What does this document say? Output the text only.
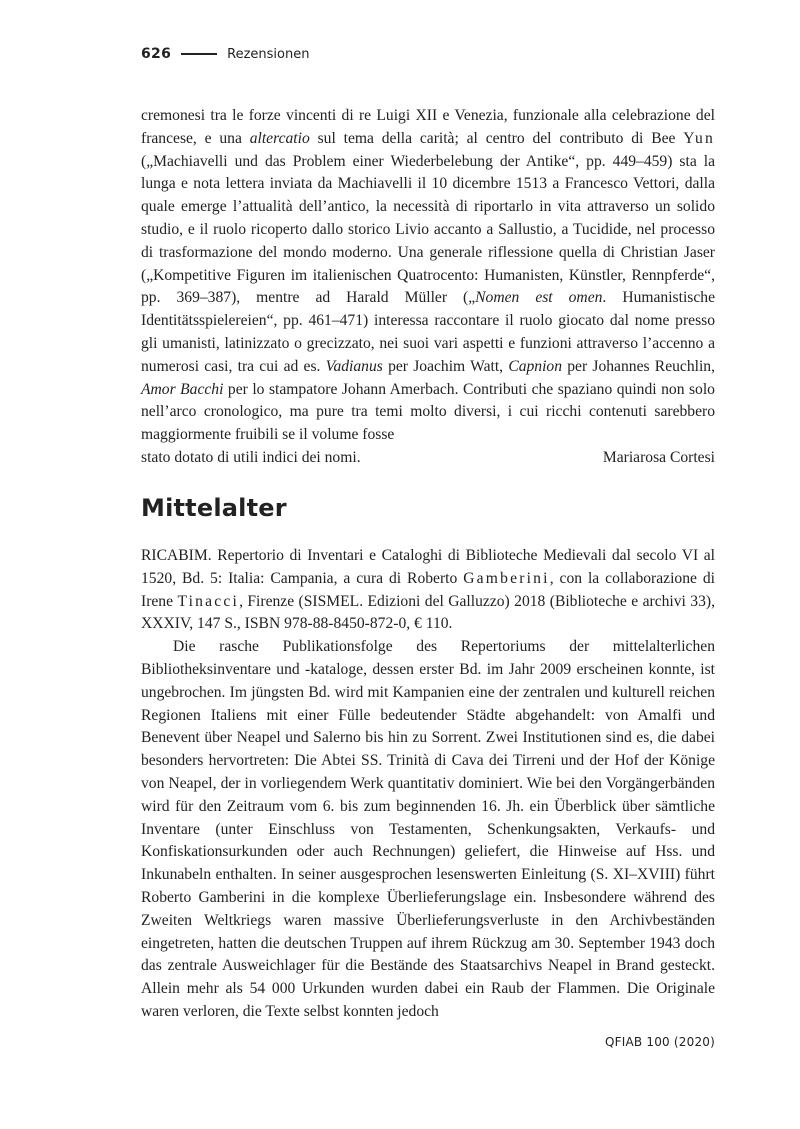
626	Rezensionen

cremonesi tra le forze vincenti di re Luigi XII e Venezia, funzionale alla celebrazione del francese, e una altercatio sul tema della carità; al centro del contributo di Bee Yun („Machiavelli und das Problem einer Wiederbelebung der Antike“, pp. 449–459) sta la lunga e nota lettera inviata da Machiavelli il 10 dicembre 1513 a Francesco Vettori, dalla quale emerge l’attualità dell’antico, la necessità di riportarlo in vita attraverso un solido studio, e il ruolo ricoperto dallo storico Livio accanto a Sallustio, a Tucidide, nel processo di trasformazione del mondo moderno. Una generale riflessione quella di Christian Jaser („Kompetitive Figuren im italienischen Quatrocento: Humanisten, Künstler, Rennpferde“, pp. 369–387), mentre ad Harald Müller („Nomen est omen. Humanistische Identitätsspielereien“, pp. 461–471) interessa raccontare il ruolo giocato dal nome presso gli umanisti, latinizzato o grecizzato, nei suoi vari aspetti e funzioni attraverso l’accenno a numerosi casi, tra cui ad es. Vadianus per Joachim Watt, Capnion per Johannes Reuchlin, Amor Bacchi per lo stampatore Johann Amerbach. Contributi che spaziano quindi non solo nell’arco cronologico, ma pure tra temi molto diversi, i cui ricchi contenuti sarebbero maggiormente fruibili se il volume fosse

stato dotato di utili indici dei nomi.	Mariarosa Cortesi
Mittelalter

RICABIM. Repertorio di Inventari e Cataloghi di Biblioteche Medievali dal secolo VI al 1520, Bd. 5: Italia: Campania, a cura di Roberto Gamberini, con la collaborazione di Irene Tinacci, Firenze (SISMEL. Edizioni del Galluzzo) 2018 (Biblioteche e archivi 33), XXXIV, 147 S., ISBN 978-88-8450-872-0, € 110.

Die rasche Publikationsfolge des Repertoriums der mittelalterlichen Bibliotheksinventare und -kataloge, dessen erster Bd. im Jahr 2009 erscheinen konnte, ist ungebrochen. Im jüngsten Bd. wird mit Kampanien eine der zentralen und kulturell reichen Regionen Italiens mit einer Fülle bedeutender Städte abgehandelt: von Amalfi und Benevent über Neapel und Salerno bis hin zu Sorrent. Zwei Institutionen sind es, die dabei besonders hervortreten: Die Abtei SS. Trinità di Cava dei Tirreni und der Hof der Könige von Neapel, der in vorliegendem Werk quantitativ dominiert. Wie bei den Vorgängerbänden wird für den Zeitraum vom 6. bis zum beginnenden 16. Jh. ein Überblick über sämtliche Inventare (unter Einschluss von Testamenten, Schenkungsakten, Verkaufs- und Konfiskationsurkunden oder auch Rechnungen) geliefert, die Hinweise auf Hss. und Inkunabeln enthalten. In seiner ausgesprochen lesenswerten Einleitung (S. XI–XVIII) führt Roberto Gamberini in die komplexe Überlieferungslage ein. Insbesondere während des Zweiten Weltkriegs waren massive Überlieferungsverluste in den Archivbeständen eingetreten, hatten die deutschen Truppen auf ihrem Rückzug am 30. September 1943 doch das zentrale Ausweichlager für die Bestände des Staatsarchivs Neapel in Brand gesteckt. Allein mehr als 54 000 Urkunden wurden dabei ein Raub der Flammen. Die Originale waren verloren, die Texte selbst konnten jedoch

QFIAB 100 (2020)
